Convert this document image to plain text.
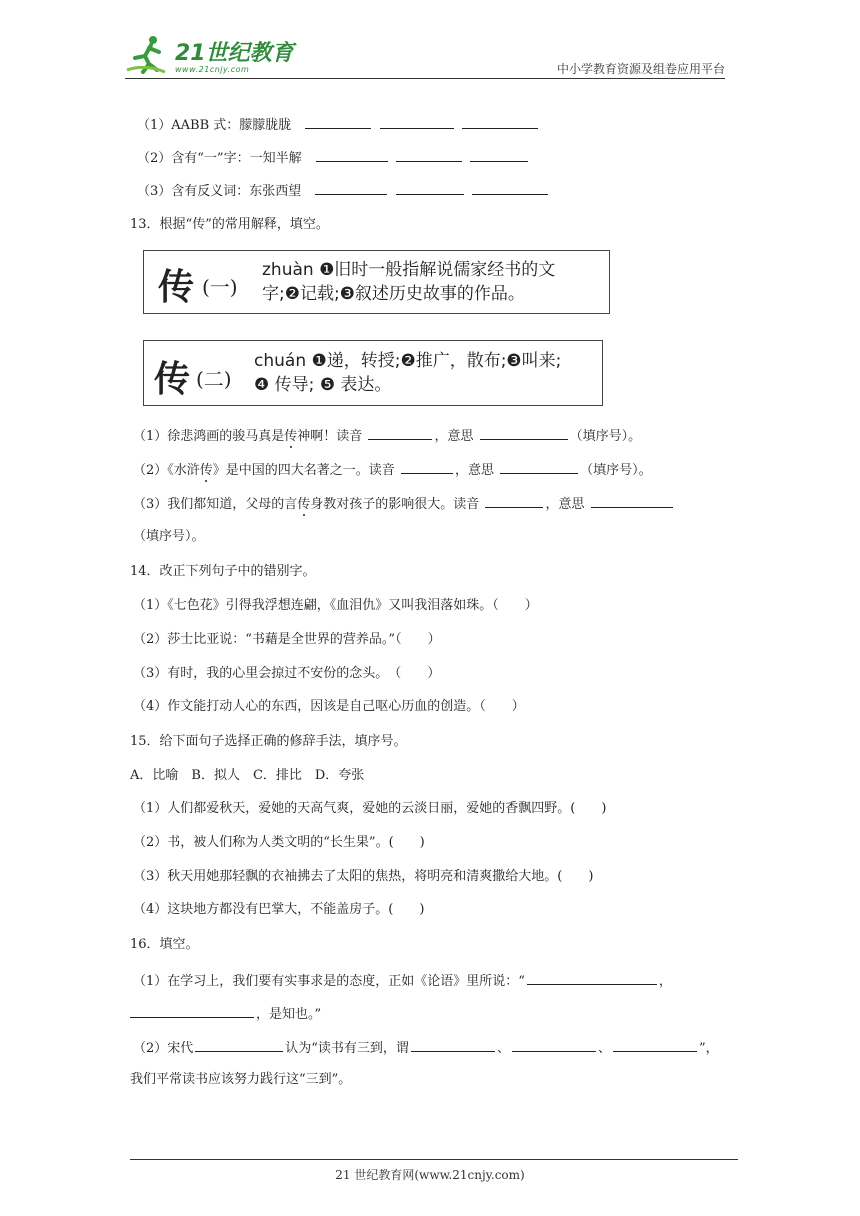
21世纪教育
www.21cnjy.com	中小学教育资源及组卷应用平台
（1）AABB 式：朦朦胧胧
（2）含有“一”字：一知半解
（3）含有反义词：东张西望
13．根据“传”的常用解释，填空。
传 (一)
zhuàn ❶旧时一般指解说儒家经书的文
字;❷记载;❸叙述历史故事的作品。
传 (二)
chuán ❶递，转授;❷推广，散布;❸叫来;
❹ 传导; ❺ 表达。
（1）徐悲鸿画的骏马真是传神啊！读音	，意思	（填序号）。
（2）《水浒传》是中国的四大名著之一。读音	，意思	（填序号）。
（3）我们都知道，父母的言传身教对孩子的影响很大。读音	，意思
（填序号）。
14．改正下列句子中的错别字。
（1）《七色花》引得我浮想连翩，《血泪仇》又叫我泪落如珠。（　　）
（2）莎士比亚说：“书藉是全世界的营养品。”（　　）
（3）有时，我的心里会掠过不安份的念头。　（　　）
（4）作文能打动人心的东西，因该是自己呕心历血的创造。（　　）
15．给下面句子选择正确的修辞手法，填序号。
A．比喻　B．拟人　C．排比　D．夸张
（1）人们都爱秋天，爱她的天高气爽，爱她的云淡日丽，爱她的香飘四野。(　　)
（2）书，被人们称为人类文明的“长生果”。(　　)
（3）秋天用她那轻飘的衣袖拂去了太阳的焦热，将明亮和清爽撒给大地。(　　)
（4）这块地方都没有巴掌大，不能盖房子。(　　)
16．填空。
（1）在学习上，我们要有实事求是的态度，正如《论语》里所说：“	，
，是知也。”
（2）宋代	认为“读书有三到，谓	、	、	”，
我们平常读书应该努力践行这“三到”。
21 世纪教育网(www.21cnjy.com)
